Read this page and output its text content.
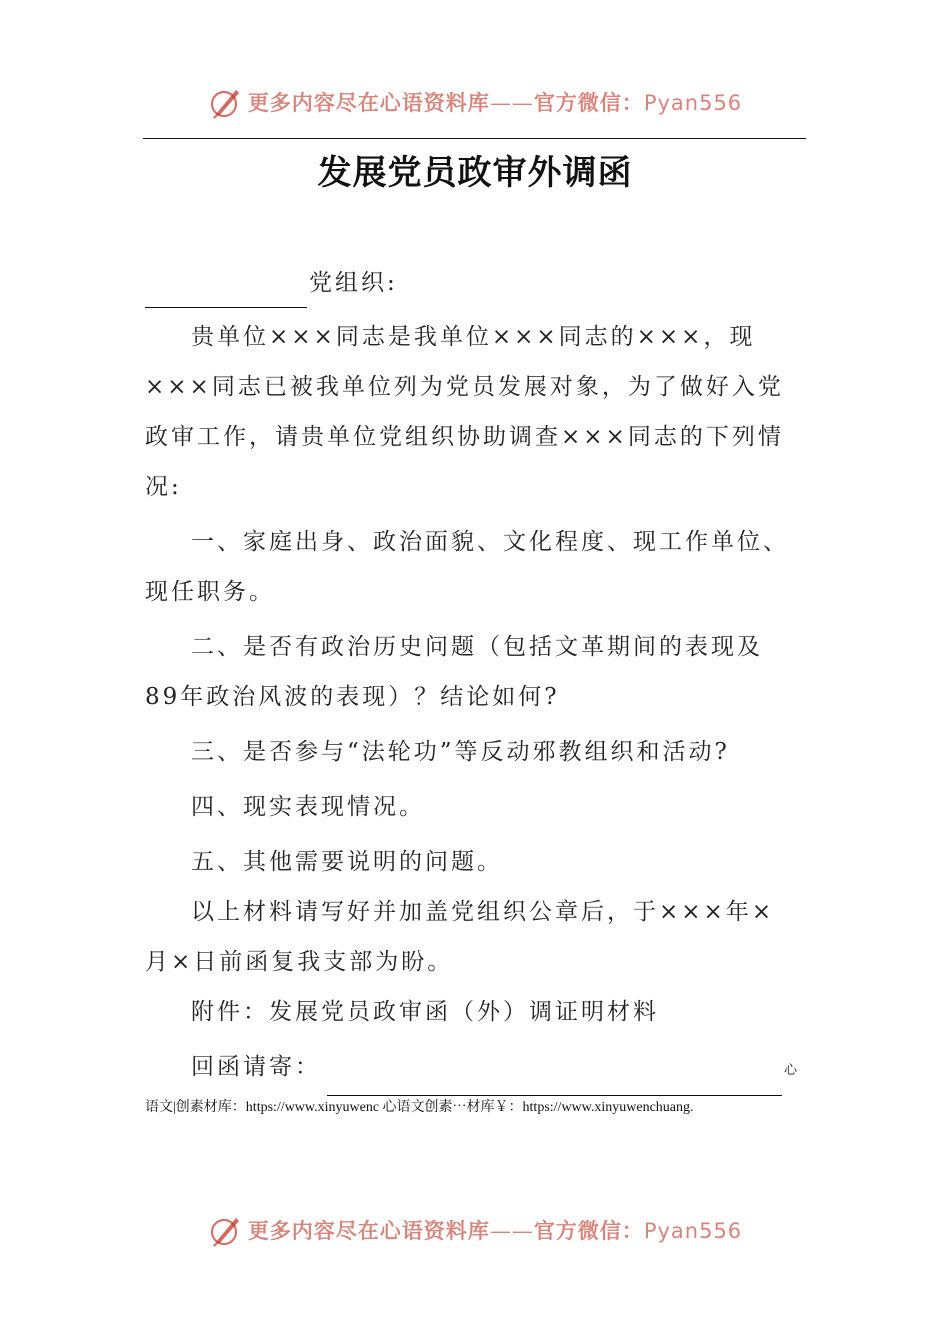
更多内容尽在心语资料库——官方微信：Pyan556
发展党员政审外调函
党组织:

贵单位×××同志是我单位×××同志的×××，现×××同志已被我单位列为党员发展对象，为了做好入党政审工作，请贵单位党组织协助调查×××同志的下列情况:

一、家庭出身、政治面貌、文化程度、现工作单位、现任职务。

二、是否有政治历史问题（包括文革期间的表现及89年政治风波的表现）？结论如何?

三、是否参与“法轮功”等反动邪教组织和活动?

四、现实表现情况。

五、其他需要说明的问题。

以上材料请写好并加盖党组织公章后，于×××年×月×日前函复我支部为盼。

附件：发展党员政审函（外）调证明材料

回函请寄：	心
语文|创素材库：https://www.xinyuwenc 心语文创素⋯材库￥：https://www.xinyuwenchuang.
更多内容尽在心语资料库——官方微信：Pyan556
